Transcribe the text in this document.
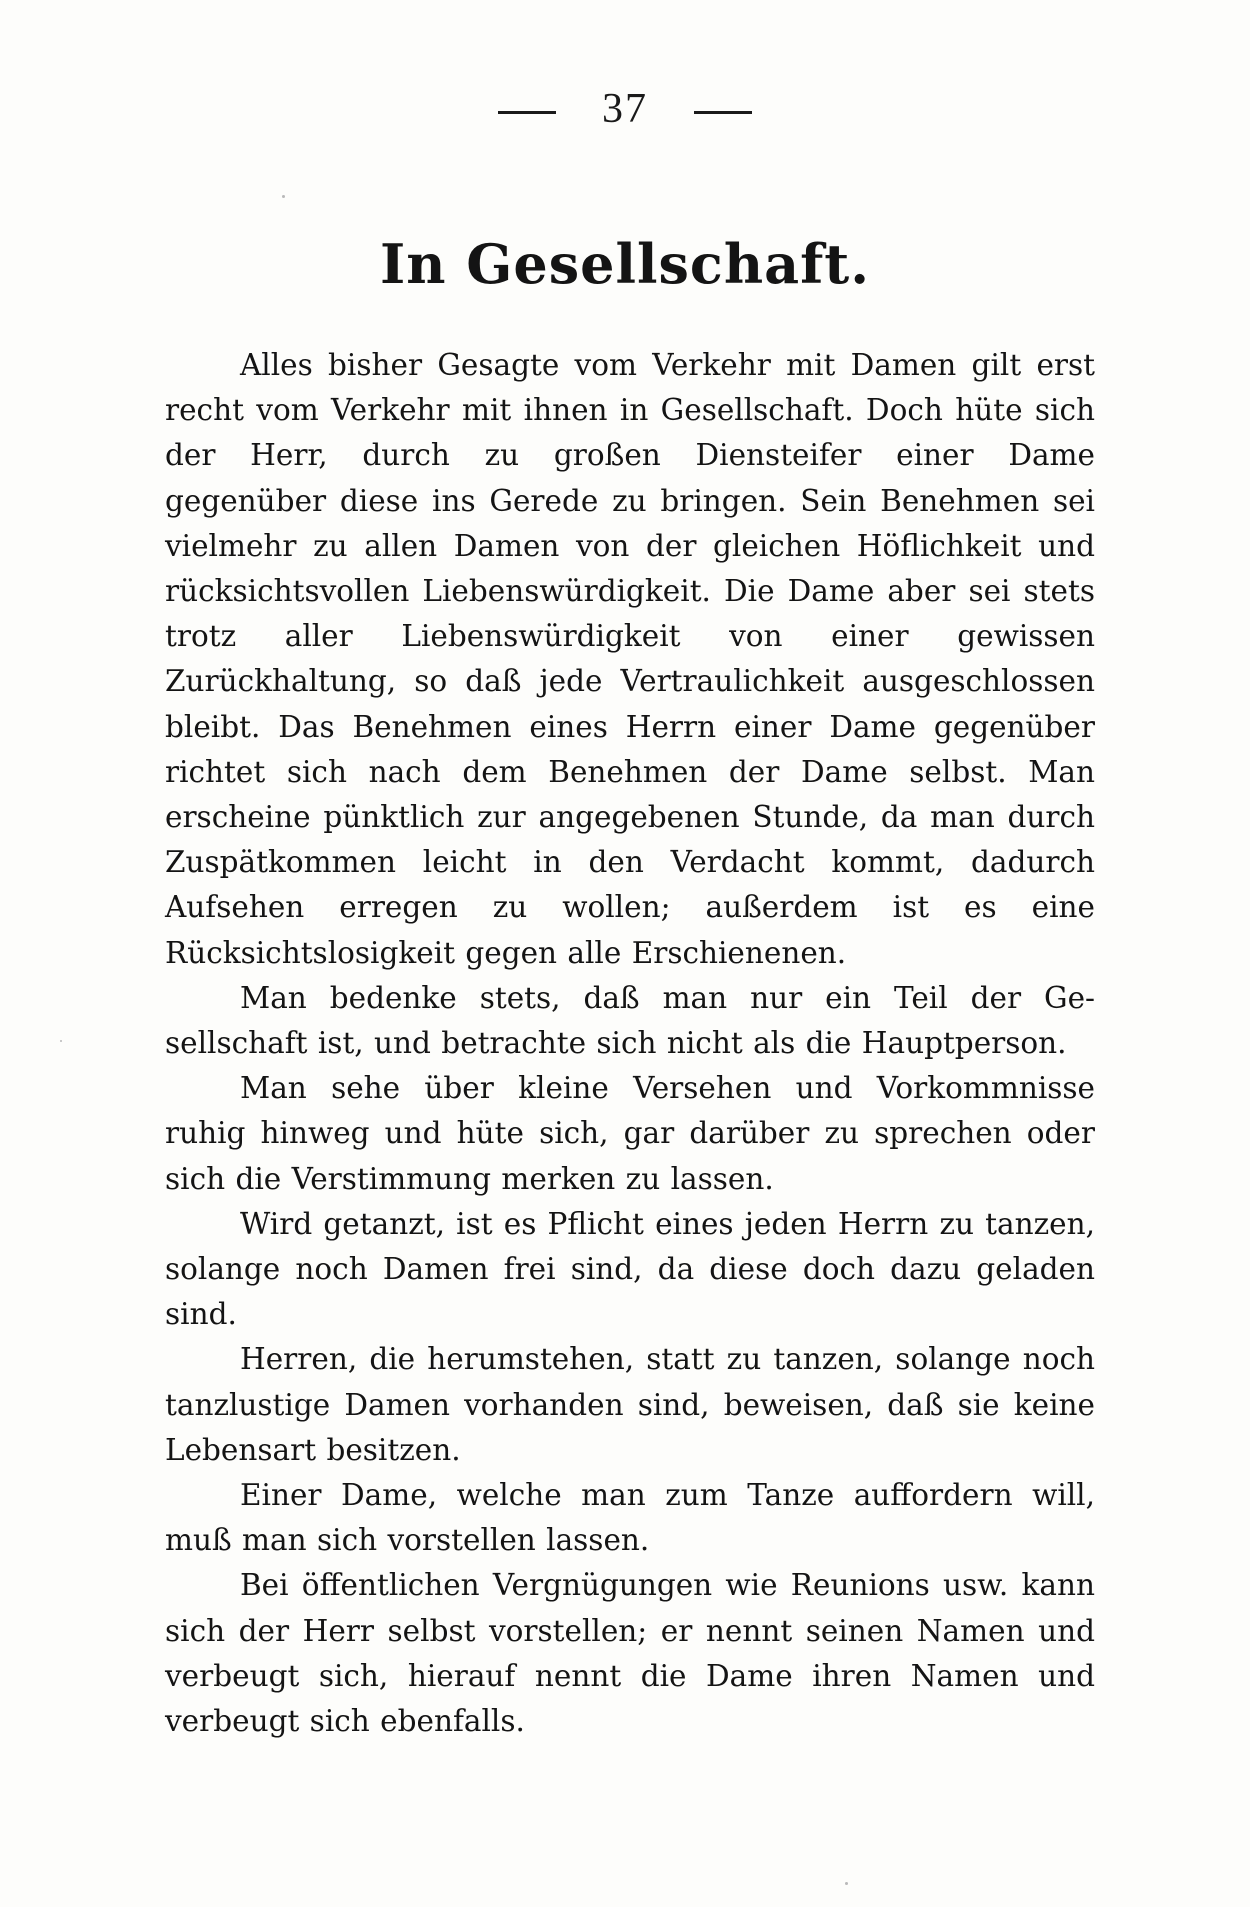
37
In Gesellschaft.

Alles bisher Gesagte vom Verkehr mit Damen gilt erst recht vom Verkehr mit ihnen in Gesellschaft. Doch hüte sich der Herr, durch zu großen Diensteifer einer Dame gegenüber diese ins Gerede zu bringen. Sein Benehmen sei vielmehr zu allen Damen von der gleichen Höflichkeit und rücksichtsvollen Liebenswürdigkeit. Die Dame aber sei stets trotz aller Liebenswürdigkeit von einer gewissen Zurückhaltung, so daß jede Vertraulichkeit ausgeschlossen bleibt. Das Benehmen eines Herrn einer Dame gegenüber richtet sich nach dem Benehmen der Dame selbst. Man erscheine pünktlich zur angegebenen Stunde, da man durch Zuspätkommen leicht in den Verdacht kommt, dadurch Aufsehen erregen zu wollen; außerdem ist es eine Rücksichtslosigkeit gegen alle Erschienenen.

Man bedenke stets, daß man nur ein Teil der Gesellschaft ist, und betrachte sich nicht als die Hauptperson.

Man sehe über kleine Versehen und Vorkommnisse ruhig hinweg und hüte sich, gar darüber zu sprechen oder sich die Verstimmung merken zu lassen.

Wird getanzt, ist es Pflicht eines jeden Herrn zu tanzen, solange noch Damen frei sind, da diese doch dazu geladen sind.

Herren, die herumstehen, statt zu tanzen, solange noch tanzlustige Damen vorhanden sind, beweisen, daß sie keine Lebensart besitzen.

Einer Dame, welche man zum Tanze auffordern will, muß man sich vorstellen lassen.

Bei öffentlichen Vergnügungen wie Reunions usw. kann sich der Herr selbst vorstellen; er nennt seinen Namen und verbeugt sich, hierauf nennt die Dame ihren Namen und verbeugt sich ebenfalls.
